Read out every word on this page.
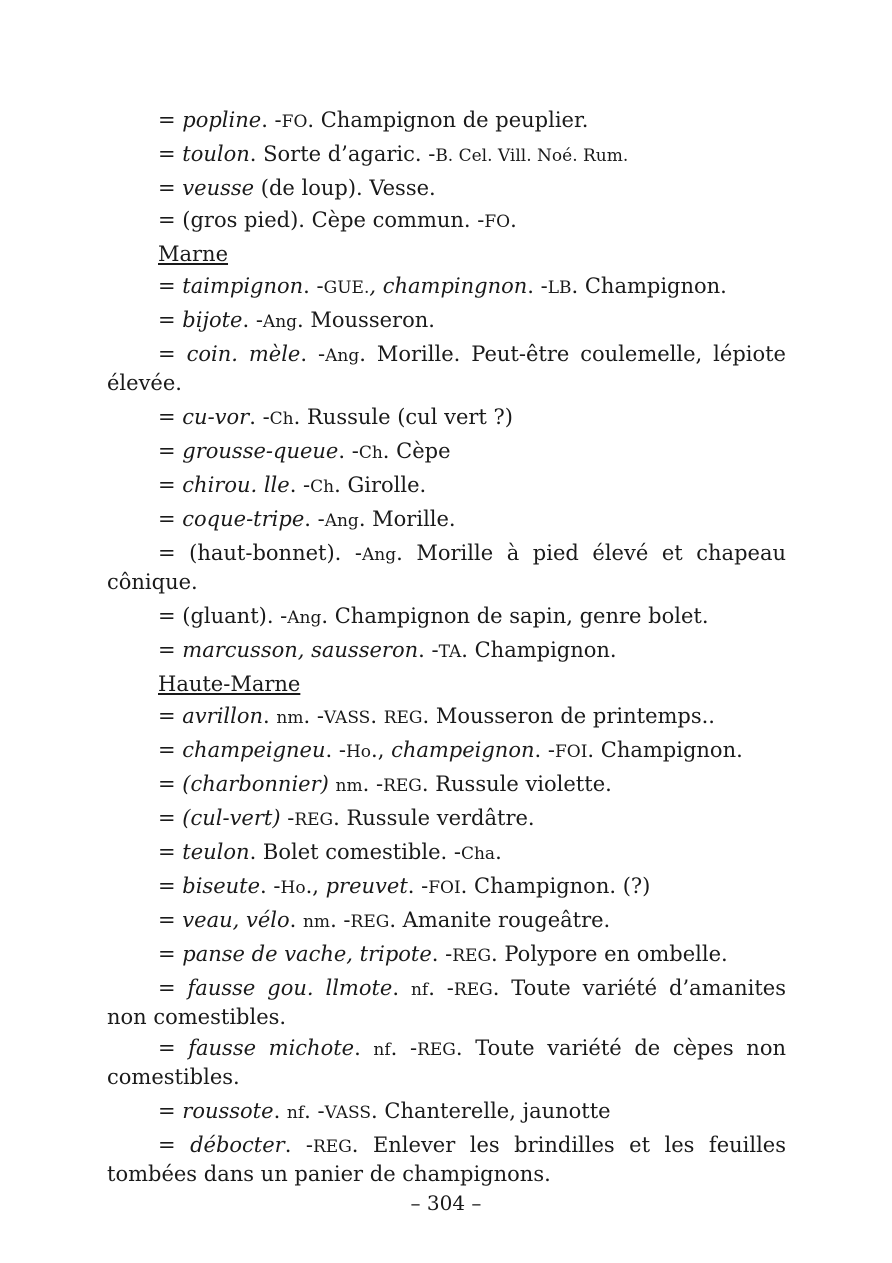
= popline. -FO. Champignon de peuplier.

= toulon. Sorte d’agaric. -B. Cel. Vill. Noé. Rum.

= veusse (de loup). Vesse.

= (gros pied). Cèpe commun. -FO.

Marne

= taimpignon. -GUE., champingnon. -LB. Champignon.

= bijote. -Ang. Mousseron.

= coin. mèle. -Ang. Morille. Peut-être coulemelle, lépiote élevée.

= cu-vor. -Ch. Russule (cul vert ?)

= grousse-queue. -Ch. Cèpe

= chirou. lle. -Ch. Girolle.

= coque-tripe. -Ang. Morille.

= (haut-bonnet). -Ang. Morille à pied élevé et chapeau cônique.

= (gluant). -Ang. Champignon de sapin, genre bolet.

= marcusson, sausseron. -TA. Champignon.

Haute-Marne

= avrillon. nm. -VASS. REG. Mousseron de printemps..

= champeigneu. -Ho., champeignon. -FOI. Champignon.

= (charbonnier) nm. -REG. Russule violette.

= (cul-vert) -REG. Russule verdâtre.

= teulon. Bolet comestible. -Cha.

= biseute. -Ho., preuvet. -FOI. Champignon. (?)

= veau, vélo. nm. -REG. Amanite rougeâtre.

= panse de vache, tripote. -REG. Polypore en ombelle.

= fausse gou. llmote. nf. -REG. Toute variété d’amanites non comestibles.

= fausse michote. nf. -REG. Toute variété de cèpes non comestibles.

= roussote. nf. -VASS. Chanterelle, jaunotte

= débocter. -REG. Enlever les brindilles et les feuilles tombées dans un panier de champignons.

– 304 –
